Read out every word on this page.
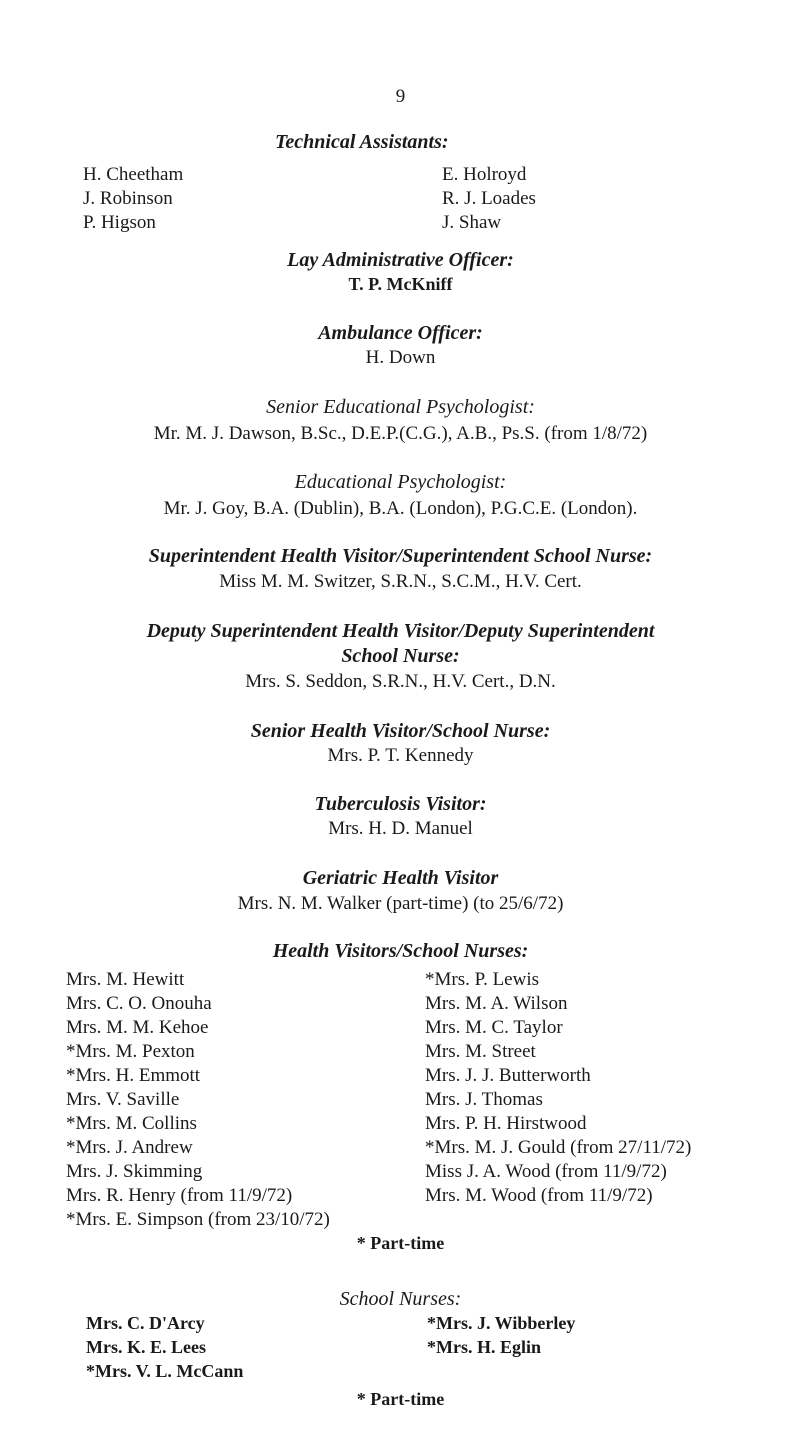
9
Technical Assistants:
H. Cheetham
J. Robinson
P. Higson
E. Holroyd
R. J. Loades
J. Shaw
Lay Administrative Officer:
T. P. McKniff
Ambulance Officer:
H. Down
Senior Educational Psychologist:
Mr. M. J. Dawson, B.Sc., D.E.P.(C.G.), A.B., Ps.S. (from 1/8/72)
Educational Psychologist:
Mr. J. Goy, B.A. (Dublin), B.A. (London), P.G.C.E. (London).
Superintendent Health Visitor/Superintendent School Nurse:
Miss M. M. Switzer, S.R.N., S.C.M., H.V. Cert.
Deputy Superintendent Health Visitor/Deputy Superintendent
School Nurse:
Mrs. S. Seddon, S.R.N., H.V. Cert., D.N.
Senior Health Visitor/School Nurse:
Mrs. P. T. Kennedy
Tuberculosis Visitor:
Mrs. H. D. Manuel
Geriatric Health Visitor
Mrs. N. M. Walker (part-time) (to 25/6/72)
Health Visitors/School Nurses:
Mrs. M. Hewitt
Mrs. C. O. Onouha
Mrs. M. M. Kehoe
*Mrs. M. Pexton
*Mrs. H. Emmott
Mrs. V. Saville
*Mrs. M. Collins
*Mrs. J. Andrew
Mrs. J. Skimming
Mrs. R. Henry (from 11/9/72)
*Mrs. E. Simpson (from 23/10/72)
*Mrs. P. Lewis
Mrs. M. A. Wilson
Mrs. M. C. Taylor
Mrs. M. Street
Mrs. J. J. Butterworth
Mrs. J. Thomas
Mrs. P. H. Hirstwood
*Mrs. M. J. Gould (from 27/11/72)
Miss J. A. Wood (from 11/9/72)
Mrs. M. Wood (from 11/9/72)
* Part-time
School Nurses:
Mrs. C. D'Arcy
Mrs. K. E. Lees
*Mrs. V. L. McCann
*Mrs. J. Wibberley
*Mrs. H. Eglin
* Part-time
